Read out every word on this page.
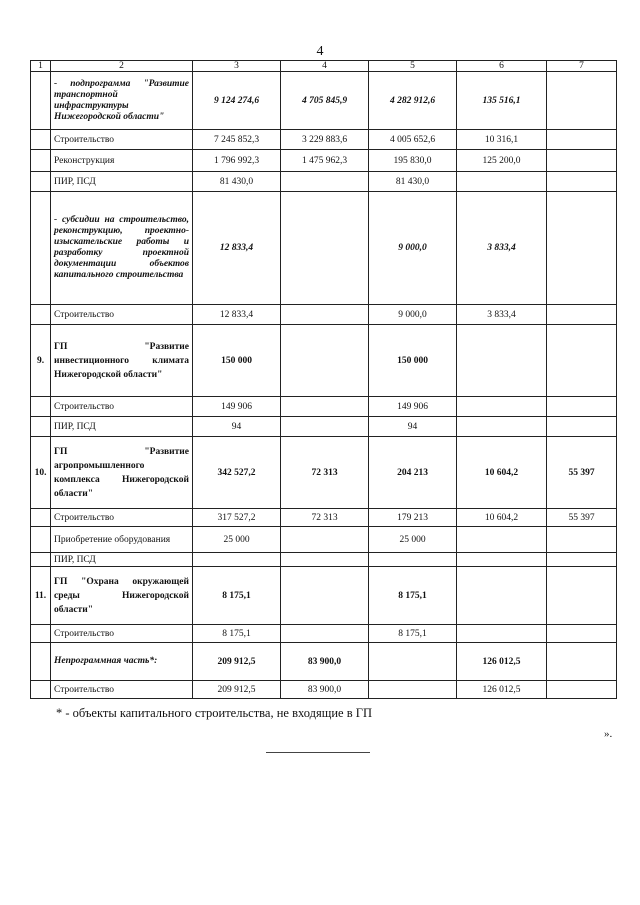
4
1	2	3	4	5	6	7
	- подпрограмма "Развитие транспортной инфраструктуры Нижегородской области"	9 124 274,6	4 705 845,9	4 282 912,6	135 516,1	
	Строительство	7 245 852,3	3 229 883,6	4 005 652,6	10 316,1	
	Реконструкция	1 796 992,3	1 475 962,3	195 830,0	125 200,0	
	ПИР, ПСД	81 430,0		81 430,0		
	- субсидии на строительство, реконструкцию, проектно-изыскательские работы и разработку проектной документации объектов капитального строительства	12 833,4		9 000,0	3 833,4	
	Строительство	12 833,4		9 000,0	3 833,4	
9.	ГП "Развитие инвестиционного климата Нижегородской области"	150 000		150 000		
	Строительство	149 906		149 906		
	ПИР, ПСД	94		94		
10.	ГП "Развитие агропромышленного комплекса Нижегородской области"	342 527,2	72 313	204 213	10 604,2	55 397
	Строительство	317 527,2	72 313	179 213	10 604,2	55 397
	Приобретение оборудования	25 000		25 000		
	ПИР, ПСД					
11.	ГП "Охрана окружающей среды Нижегородской области"	8 175,1		8 175,1		
	Строительство	8 175,1		8 175,1		
	Непрограммная часть*:	209 912,5	83 900,0		126 012,5	
	Строительство	209 912,5	83 900,0		126 012,5	
* - объекты капитального строительства, не входящие в ГП
».
